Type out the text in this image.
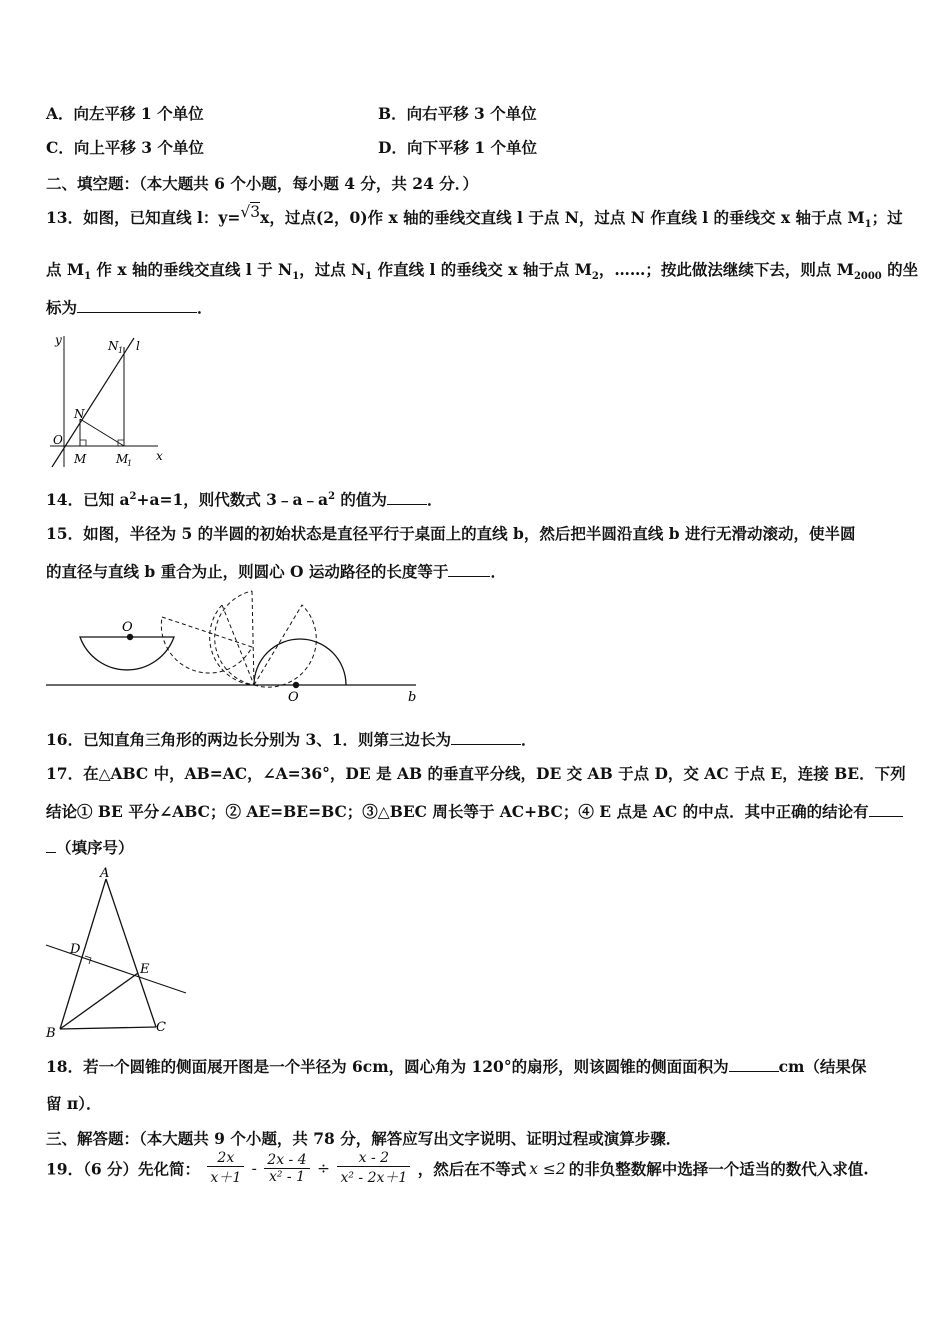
A．向左平移 1 个单位	B．向右平移 3 个单位
C．向上平移 3 个单位	D．向下平移 1 个单位
二、填空题：（本大题共 6 个小题，每小题 4 分，共 24 分．）
13．如图，已知直线 l：y=√3x，过点(2，0)作 x 轴的垂线交直线 l 于点 N，过点 N 作直线 l 的垂线交 x 轴于点 $M_1$；过
点 $M_1$ 作 x 轴的垂线交直线 l 于 $N_1$，过点 $N_1$ 作直线 l 的垂线交 x 轴于点 $M_2$，……；按此做法继续下去，则点 $M_{2000}$ 的坐
标为	．
y	N 1 l
N
O
M M
1
x
14．已知 $a^2+a=1$，则代数式 $3﹣a﹣a^2$ 的值为	．
15．如图，半径为 5 的半圆的初始状态是直径平行于桌面上的直线 b，然后把半圆沿直线 b 进行无滑动滚动，使半圆
的直径与直线 b 重合为止，则圆心 O 运动路径的长度等于	．
O
O	b
16．已知直角三角形的两边长分别为 3、1．则第三边长为	．
17．在△ABC 中，AB=AC，∠A=36°，DE 是 AB 的垂直平分线，DE 交 AB 于点 D，交 AC 于点 E，连接 BE．下列
结论① BE 平分∠ABC；② AE=BE=BC；③△BEC 周长等于 AC+BC；④ E 点是 AC 的中点．其中正确的结论有
（填序号）
A
D
E
B	C
18．若一个圆锥的侧面展开图是一个半径为 6cm，圆心角为 120°的扇形，则该圆锥的侧面面积为	cm（结果保
留 π）．
三、解答题：（本大题共 9 个小题，共 78 分，解答应写出文字说明、证明过程或演算步骤．
19．（6 分）先化简： $\frac{2x}{x+1} - \frac{2x - 4}{\text{x² - 1}} \div \frac{x - 2}{\text{x² - 2x＋1}}$ ，然后在不等式 x ≤2 的非负整数解中选择一个适当的数代入求值.
